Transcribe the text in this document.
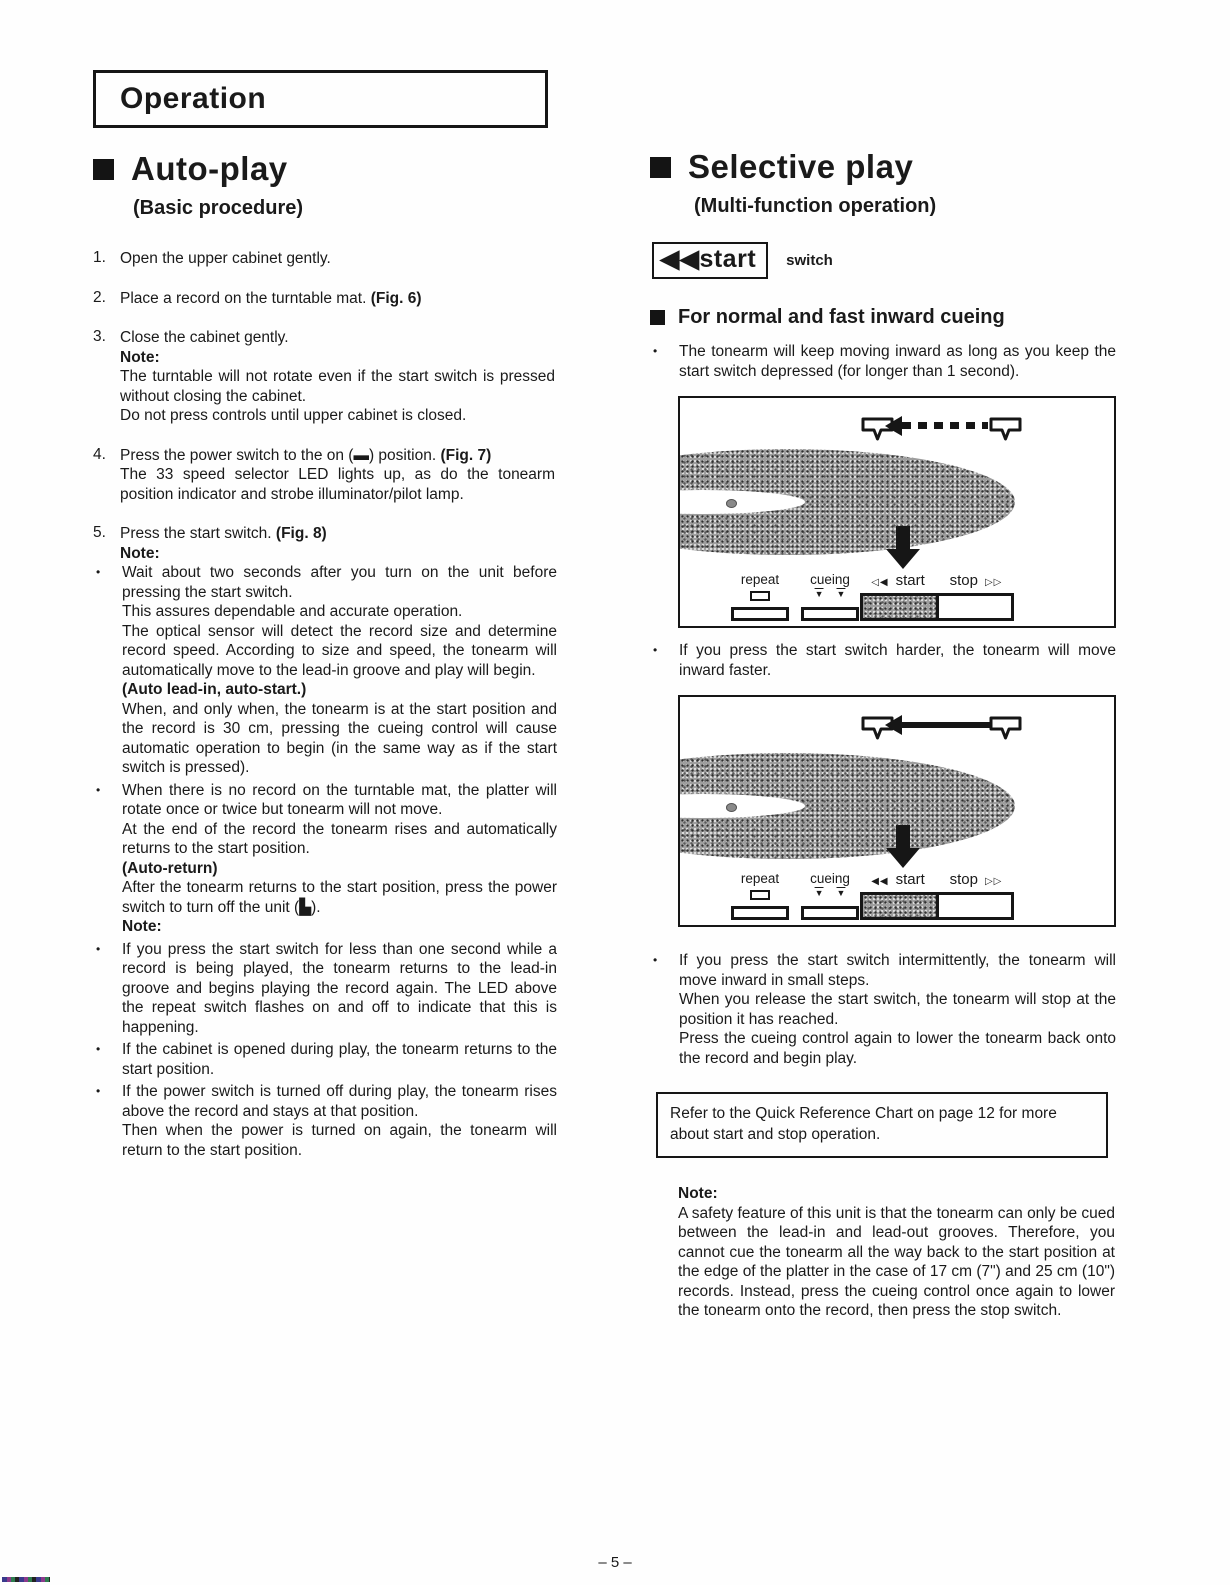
Operation
Auto-play
(Basic procedure)
1. Open the upper cabinet gently.

2. Place a record on the turntable mat. (Fig. 6)

3. Close the cabinet gently.

Note:

The turntable will not rotate even if the start switch is pressed without closing the cabinet.

Do not press controls until upper cabinet is closed.

4. Press the power switch to the on (▬) position. (Fig. 7)

The 33 speed selector LED lights up, as do the tonearm position indicator and strobe illuminator/pilot lamp.

5. Press the start switch. (Fig. 8)

Note:

• Wait about two seconds after you turn on the unit before pressing the start switch.

This assures dependable and accurate operation.

The optical sensor will detect the record size and determine record speed. According to size and speed, the tonearm will automatically move to the lead-in groove and play will begin.

(Auto lead-in, auto-start.)

When, and only when, the tonearm is at the start position and the record is 30 cm, pressing the cueing control will cause automatic operation to begin (in the same way as if the start switch is pressed).

• When there is no record on the turntable mat, the platter will rotate once or twice but tonearm will not move.

At the end of the record the tonearm rises and automatically returns to the start position.

(Auto-return)

After the tonearm returns to the start position, press the power switch to turn off the unit (▙).

Note:

• If you press the start switch for less than one second while a record is being played, the tonearm returns to the lead-in groove and begins playing the record again. The LED above the repeat switch flashes on and off to indicate that this is happening.

• If the cabinet is opened during play, the tonearm returns to the start position.

• If the power switch is turned off during play, the tonearm rises above the record and stays at that position.

Then when the power is turned on again, the tonearm will return to the start position.

Selective play
(Multi-function operation)
◀◀start	switch
For normal and fast inward cueing
• The tonearm will keep moving inward as long as you keep the start switch depressed (for longer than 1 second).

repeat cueing
▼ ▼
◁◀ start stop ▷▷
• If you press the start switch harder, the tonearm will move inward faster.

repeat cueing
▼ ▼
◀◀ start stop ▷▷
• If you press the start switch intermittently, the tonearm will move inward in small steps.

When you release the start switch, the tonearm will stop at the position it has reached.

Press the cueing control again to lower the tonearm back onto the record and begin play.

Refer to the Quick Reference Chart on page 12 for more about start and stop operation.

Note:

A safety feature of this unit is that the tonearm can only be cued between the lead-in and lead-out grooves. Therefore, you cannot cue the tonearm all the way back to the start position at the edge of the platter in the case of 17 cm (7") and 25 cm (10") records. Instead, press the cueing control once again to lower the tonearm onto the record, then press the stop switch.

– 5 –
